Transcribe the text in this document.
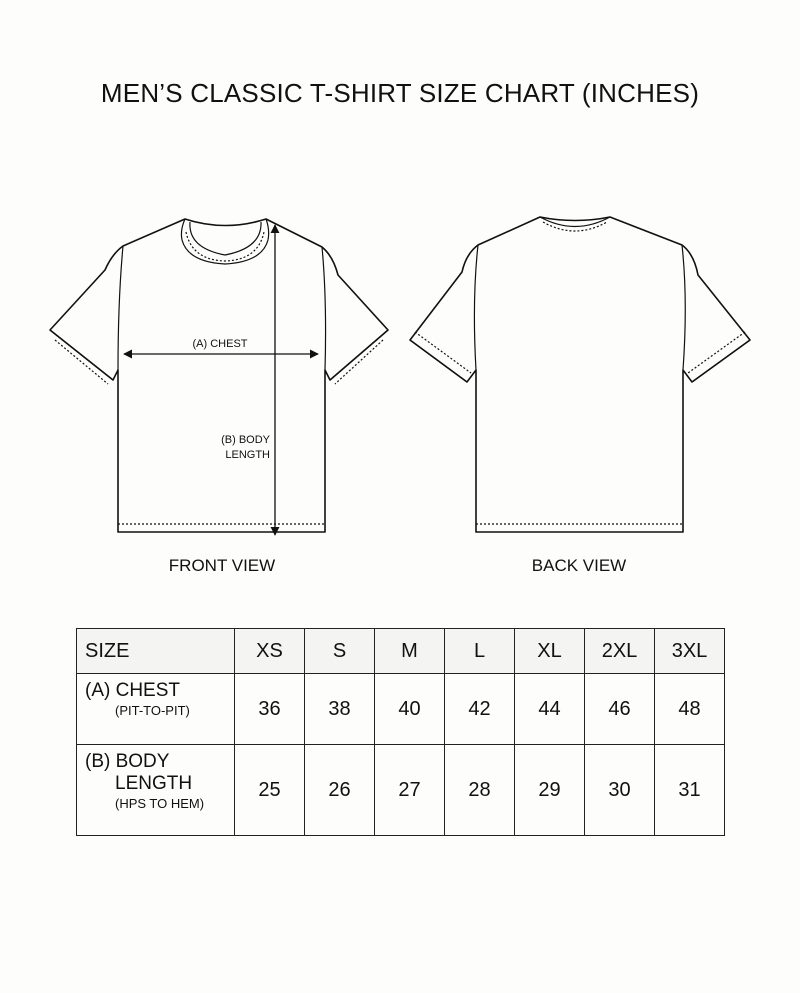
MEN’S CLASSIC T-SHIRT SIZE CHART (INCHES)
(A) CHEST
(B) BODY
LENGTH
FRONT VIEW	BACK VIEW
SIZE	XS	S	M	L	XL	2XL	3XL

(A) CHEST
(PIT-TO-PIT)	36	38	40	42	44	46	48

(B) BODY
LENGTH
(HPS TO HEM)	25	26	27	28	29	30	31
